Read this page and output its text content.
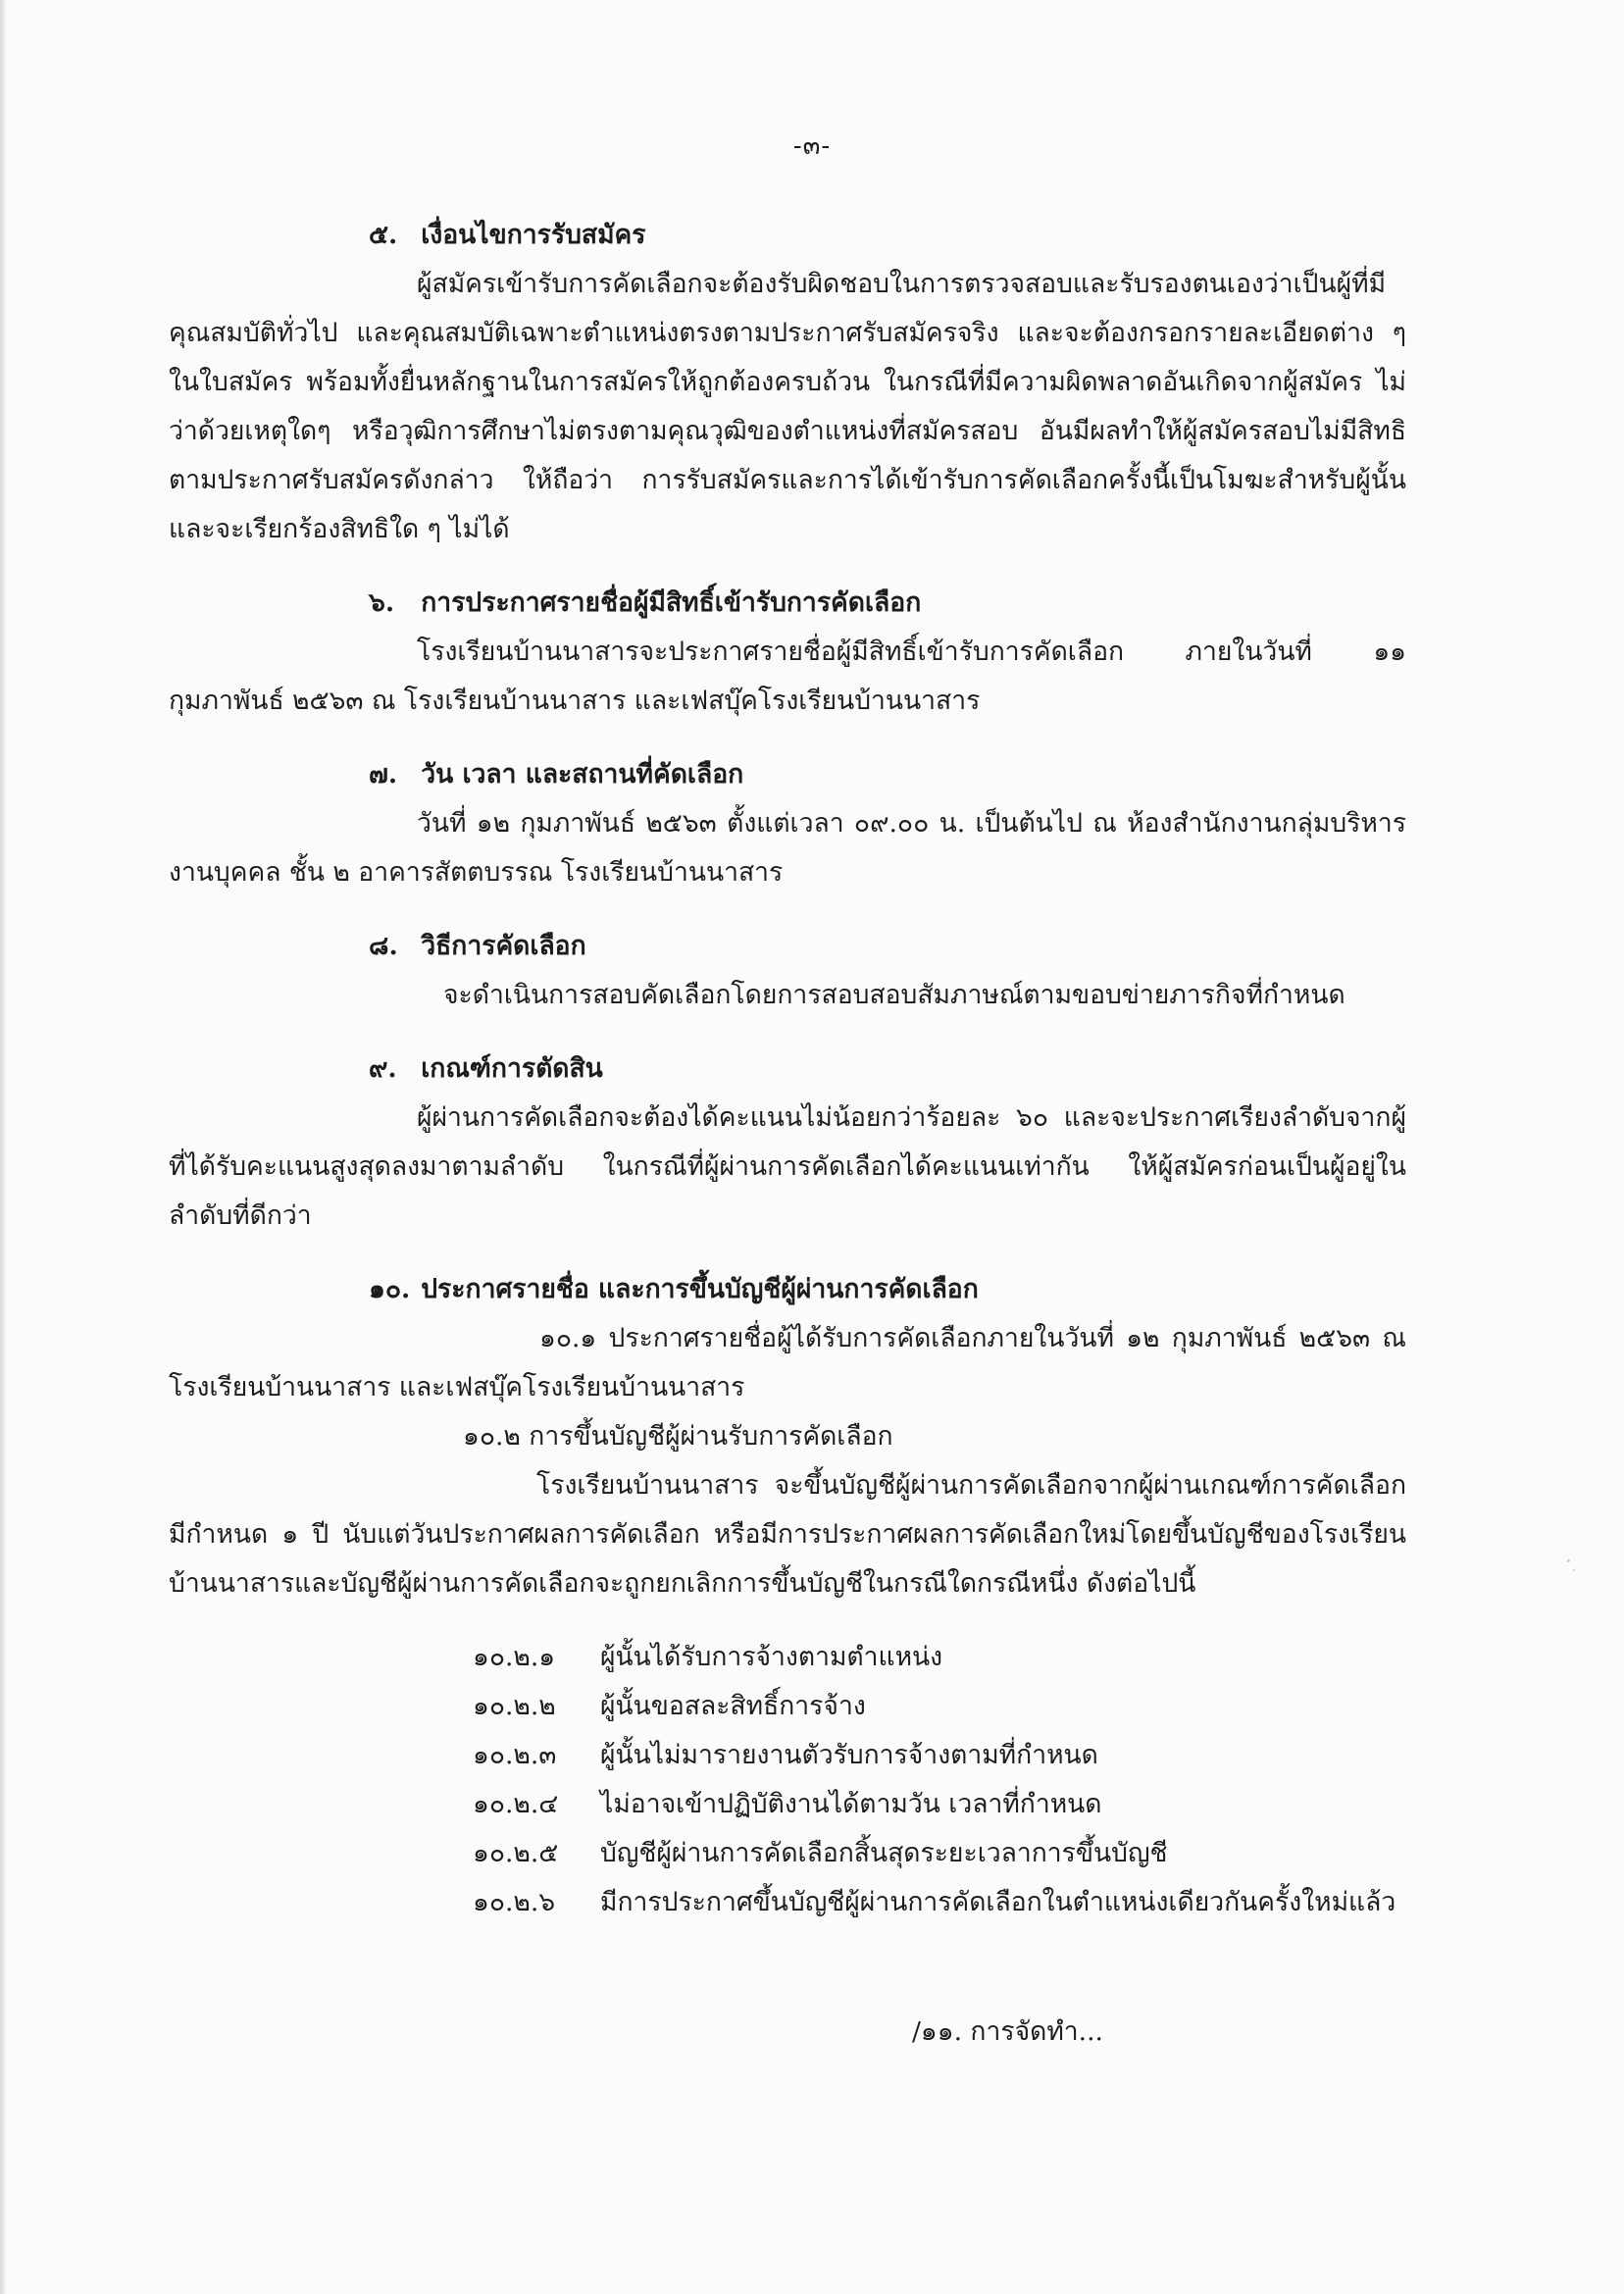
-๓-

๕. เงื่อนไขการรับสมัคร

ผู้สมัครเข้ารับการคัดเลือกจะต้องรับผิดชอบในการตรวจสอบและรับรองตนเองว่าเป็นผู้ที่มีคุณสมบัติทั่วไป และคุณสมบัติเฉพาะตำแหน่งตรงตามประกาศรับสมัครจริง และจะต้องกรอกรายละเอียดต่าง ๆ ในใบสมัคร พร้อมทั้งยื่นหลักฐานในการสมัครให้ถูกต้องครบถ้วน ในกรณีที่มีความผิดพลาดอันเกิดจากผู้สมัคร ไม่ว่าด้วยเหตุใดๆ หรือวุฒิการศึกษาไม่ตรงตามคุณวุฒิของตำแหน่งที่สมัครสอบ อันมีผลทำให้ผู้สมัครสอบไม่มีสิทธิตามประกาศรับสมัครดังกล่าว ให้ถือว่า การรับสมัครและการได้เข้ารับการคัดเลือกครั้งนี้เป็นโมฆะสำหรับผู้นั้น และจะเรียกร้องสิทธิใด ๆ ไม่ได้

๖. การประกาศรายชื่อผู้มีสิทธิ์เข้ารับการคัดเลือก

โรงเรียนบ้านนาสารจะประกาศรายชื่อผู้มีสิทธิ์เข้ารับการคัดเลือก ภายในวันที่ ๑๑ กุมภาพันธ์ ๒๕๖๓ ณ โรงเรียนบ้านนาสาร และเฟสบุ๊คโรงเรียนบ้านนาสาร

๗. วัน เวลา และสถานที่คัดเลือก

วันที่ ๑๒ กุมภาพันธ์ ๒๕๖๓ ตั้งแต่เวลา ๐๙.๐๐ น. เป็นต้นไป ณ ห้องสำนักงานกลุ่มบริหารงานบุคคล ชั้น ๒ อาคารสัตตบรรณ โรงเรียนบ้านนาสาร

๘. วิธีการคัดเลือก

จะดำเนินการสอบคัดเลือกโดยการสอบสอบสัมภาษณ์ตามขอบข่ายภารกิจที่กำหนด

๙. เกณฑ์การตัดสิน

ผู้ผ่านการคัดเลือกจะต้องได้คะแนนไม่น้อยกว่าร้อยละ ๖๐ และจะประกาศเรียงลำดับจากผู้ที่ได้รับคะแนนสูงสุดลงมาตามลำดับ ในกรณีที่ผู้ผ่านการคัดเลือกได้คะแนนเท่ากัน ให้ผู้สมัครก่อนเป็นผู้อยู่ในลำดับที่ดีกว่า

๑๐. ประกาศรายชื่อ และการขึ้นบัญชีผู้ผ่านการคัดเลือก

๑๐.๑ ประกาศรายชื่อผู้ได้รับการคัดเลือกภายในวันที่ ๑๒ กุมภาพันธ์ ๒๕๖๓ ณ โรงเรียนบ้านนาสาร และเฟสบุ๊คโรงเรียนบ้านนาสาร

๑๐.๒ การขึ้นบัญชีผู้ผ่านรับการคัดเลือก

โรงเรียนบ้านนาสาร จะขึ้นบัญชีผู้ผ่านการคัดเลือกจากผู้ผ่านเกณฑ์การคัดเลือก มีกำหนด ๑ ปี นับแต่วันประกาศผลการคัดเลือก หรือมีการประกาศผลการคัดเลือกใหม่โดยขึ้นบัญชีของโรงเรียนบ้านนาสารและบัญชีผู้ผ่านการคัดเลือกจะถูกยกเลิกการขึ้นบัญชีในกรณีใดกรณีหนึ่ง ดังต่อไปนี้

๑๐.๒.๑	ผู้นั้นได้รับการจ้างตามตำแหน่ง
๑๐.๒.๒	ผู้นั้นขอสละสิทธิ์การจ้าง
๑๐.๒.๓	ผู้นั้นไม่มารายงานตัวรับการจ้างตามที่กำหนด
๑๐.๒.๔	ไม่อาจเข้าปฏิบัติงานได้ตามวัน เวลาที่กำหนด
๑๐.๒.๕	บัญชีผู้ผ่านการคัดเลือกสิ้นสุดระยะเวลาการขึ้นบัญชี
๑๐.๒.๖	มีการประกาศขึ้นบัญชีผู้ผ่านการคัดเลือกในตำแหน่งเดียวกันครั้งใหม่แล้ว
/๑๑. การจัดทำ...
